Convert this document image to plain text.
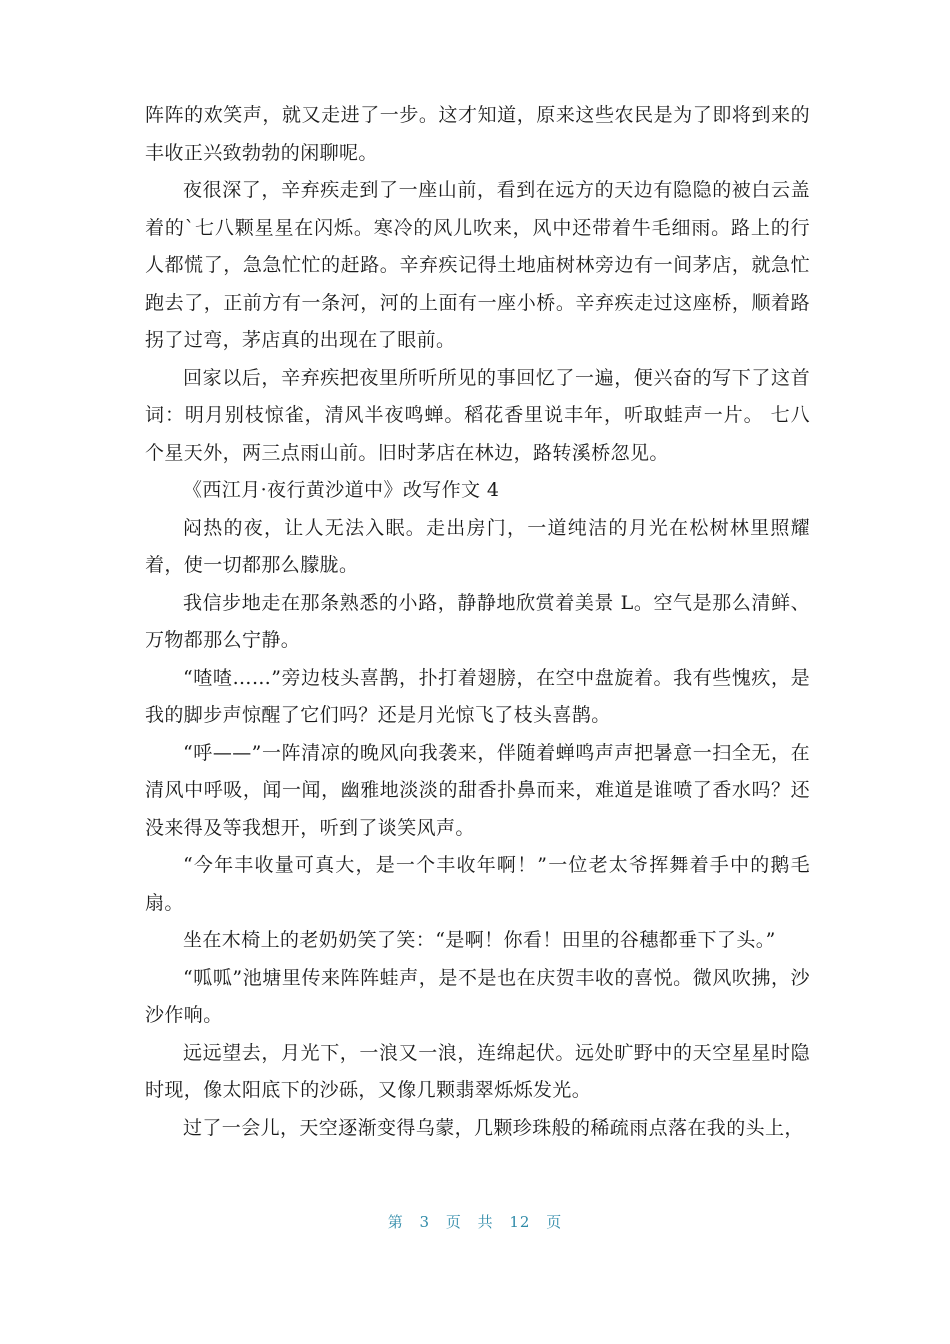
阵阵的欢笑声，就又走进了一步。这才知道，原来这些农民是为了即将到来的丰收正兴致勃勃的闲聊呢。

夜很深了，辛弃疾走到了一座山前，看到在远方的天边有隐隐的被白云盖着的`七八颗星星在闪烁。寒冷的风儿吹来，风中还带着牛毛细雨。路上的行人都慌了，急急忙忙的赶路。辛弃疾记得土地庙树林旁边有一间茅店，就急忙跑去了，正前方有一条河，河的上面有一座小桥。辛弃疾走过这座桥，顺着路拐了过弯，茅店真的出现在了眼前。

回家以后，辛弃疾把夜里所听所见的事回忆了一遍，便兴奋的写下了这首词：明月别枝惊雀，清风半夜鸣蝉。稻花香里说丰年，听取蛙声一片。 七八个星天外，两三点雨山前。旧时茅店在林边，路转溪桥忽见。

《西江月·夜行黄沙道中》改写作文 4

闷热的夜，让人无法入眠。走出房门，一道纯洁的月光在松树林里照耀着，使一切都那么朦胧。

我信步地走在那条熟悉的小路，静静地欣赏着美景 L。空气是那么清鲜、万物都那么宁静。

“喳喳……”旁边枝头喜鹊，扑打着翅膀，在空中盘旋着。我有些愧疚，是我的脚步声惊醒了它们吗？还是月光惊飞了枝头喜鹊。

“呼——”一阵清凉的晚风向我袭来，伴随着蝉鸣声声把暑意一扫全无，在清风中呼吸，闻一闻，幽雅地淡淡的甜香扑鼻而来，难道是谁喷了香水吗？还没来得及等我想开，听到了谈笑风声。

“今年丰收量可真大，是一个丰收年啊！”一位老太爷挥舞着手中的鹅毛扇。

坐在木椅上的老奶奶笑了笑：“是啊！你看！田里的谷穗都垂下了头。”

“呱呱”池塘里传来阵阵蛙声，是不是也在庆贺丰收的喜悦。微风吹拂，沙沙作响。

远远望去，月光下，一浪又一浪，连绵起伏。远处旷野中的天空星星时隐时现，像太阳底下的沙砾，又像几颗翡翠烁烁发光。

过了一会儿，天空逐渐变得乌蒙，几颗珍珠般的稀疏雨点落在我的头上，

第 3 页 共 12 页
